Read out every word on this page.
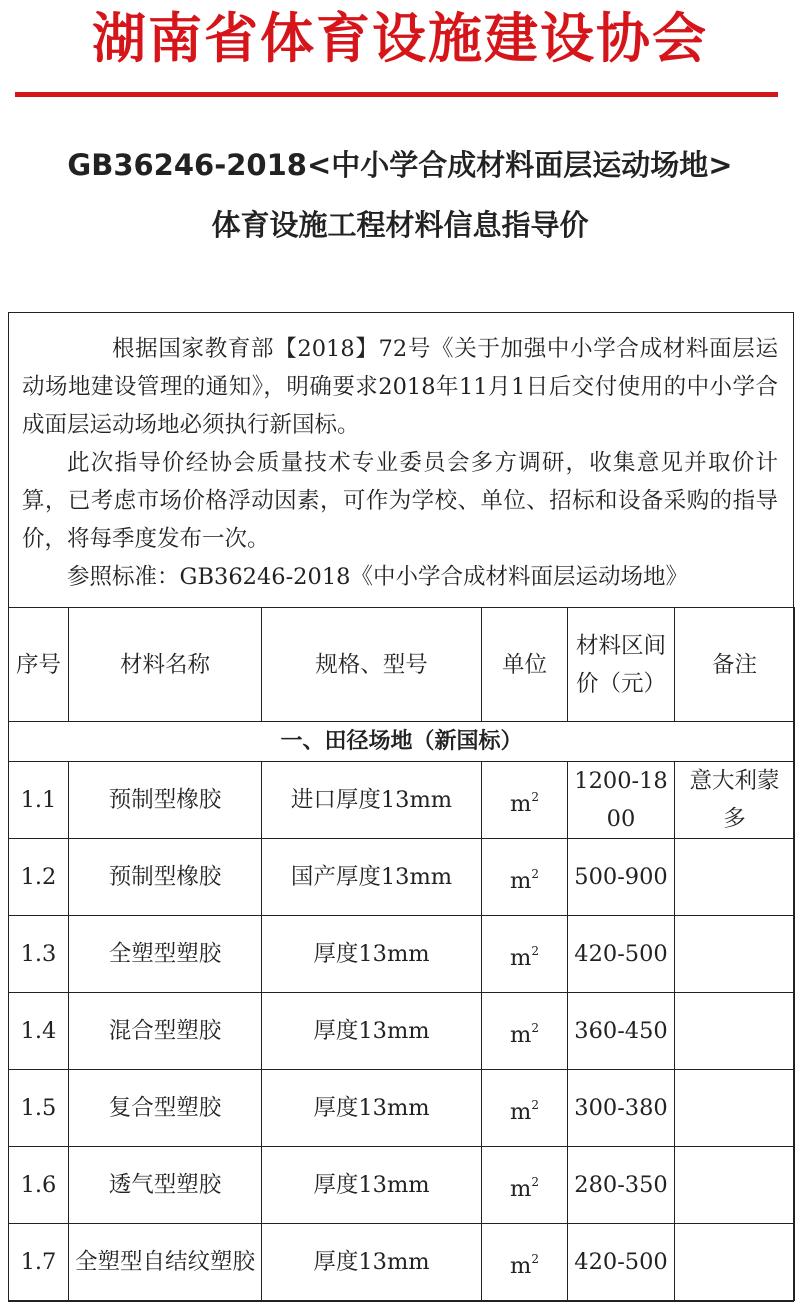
湖南省体育设施建设协会
GB36246-2018<中小学合成材料面层运动场地>
体育设施工程材料信息指导价

根据国家教育部【2018】72号《关于加强中小学合成材料面层运动场地建设管理的通知》，明确要求2018年11月1日后交付使用的中小学合成面层运动场地必须执行新国标。

此次指导价经协会质量技术专业委员会多方调研，收集意见并取价计算，已考虑市场价格浮动因素，可作为学校、单位、招标和设备采购的指导价，将每季度发布一次。

参照标准：GB36246-2018《中小学合成材料面层运动场地》

序号	材料名称	规格、型号	单位	材料区间价（元）	备注
一、田径场地（新国标）					
1.1	预制型橡胶	进口厚度13mm	$m^2$	1200-1800	意大利蒙多
1.2	预制型橡胶	国产厚度13mm	$m^2$	500-900	
1.3	全塑型塑胶	厚度13mm	$m^2$	420-500	
1.4	混合型塑胶	厚度13mm	$m^2$	360-450	
1.5	复合型塑胶	厚度13mm	$m^2$	300-380	
1.6	透气型塑胶	厚度13mm	$m^2$	280-350	
1.7	全塑型自结纹塑胶	厚度13mm	$m^2$	420-500	
